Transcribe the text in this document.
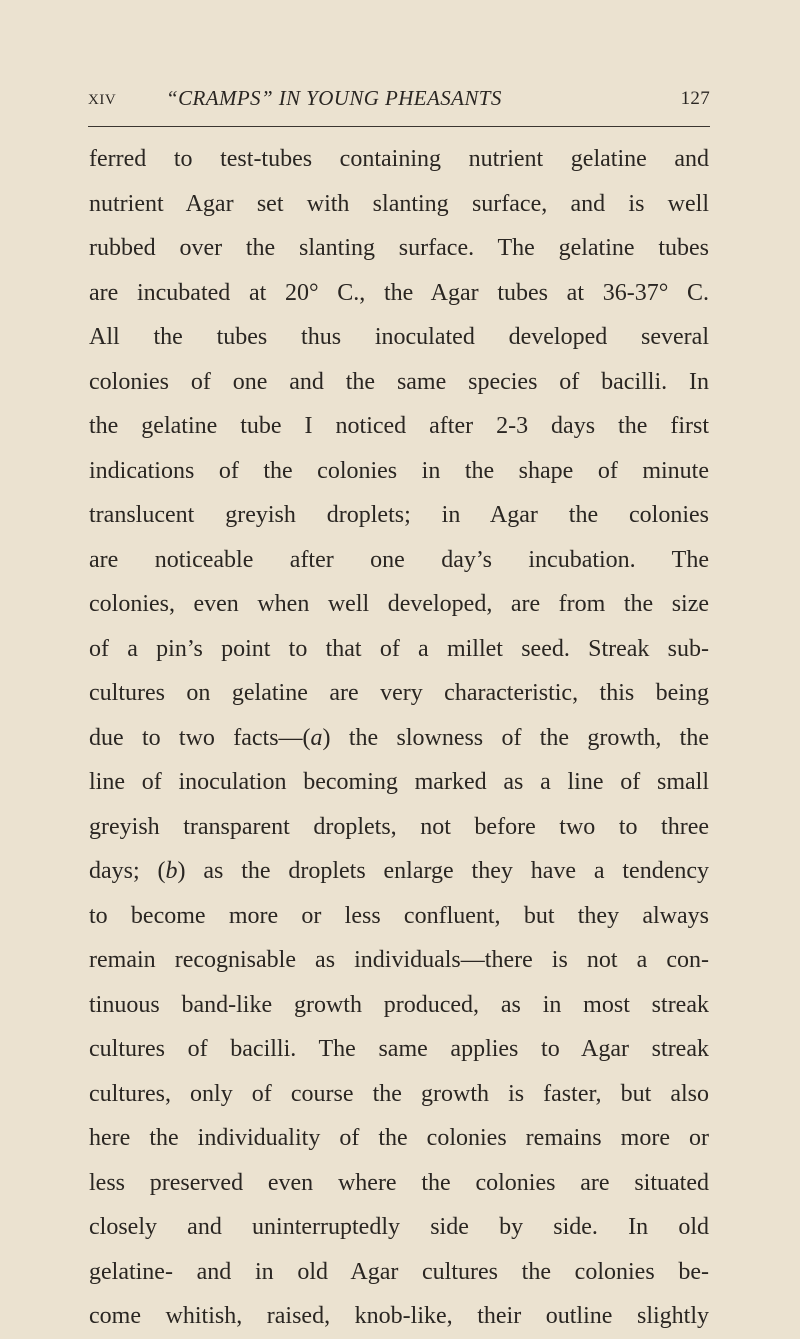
XIV “CRAMPS” IN YOUNG PHEASANTS	127
ferred to test-tubes containing nutrient gelatine and
nutrient Agar set with slanting surface, and is well
rubbed over the slanting surface. The gelatine tubes
are incubated at 20° C., the Agar tubes at 36-37° C.
All the tubes thus inoculated developed several
colonies of one and the same species of bacilli. In
the gelatine tube I noticed after 2-3 days the first
indications of the colonies in the shape of minute
translucent greyish droplets; in Agar the colonies
are noticeable after one day’s incubation. The
colonies, even when well developed, are from the size
of a pin’s point to that of a millet seed. Streak sub-
cultures on gelatine are very characteristic, this being
due to two facts—(a) the slowness of the growth, the
line of inoculation becoming marked as a line of small
greyish transparent droplets, not before two to three
days; (b) as the droplets enlarge they have a tendency
to become more or less confluent, but they always
remain recognisable as individuals—there is not a con-
tinuous band-like growth produced, as in most streak
cultures of bacilli. The same applies to Agar streak
cultures, only of course the growth is faster, but also
here the individuality of the colonies remains more or
less preserved even where the colonies are situated
closely and uninterruptedly side by side. In old
gelatine- and in old Agar cultures the colonies be-
come whitish, raised, knob-like, their outline slightly
